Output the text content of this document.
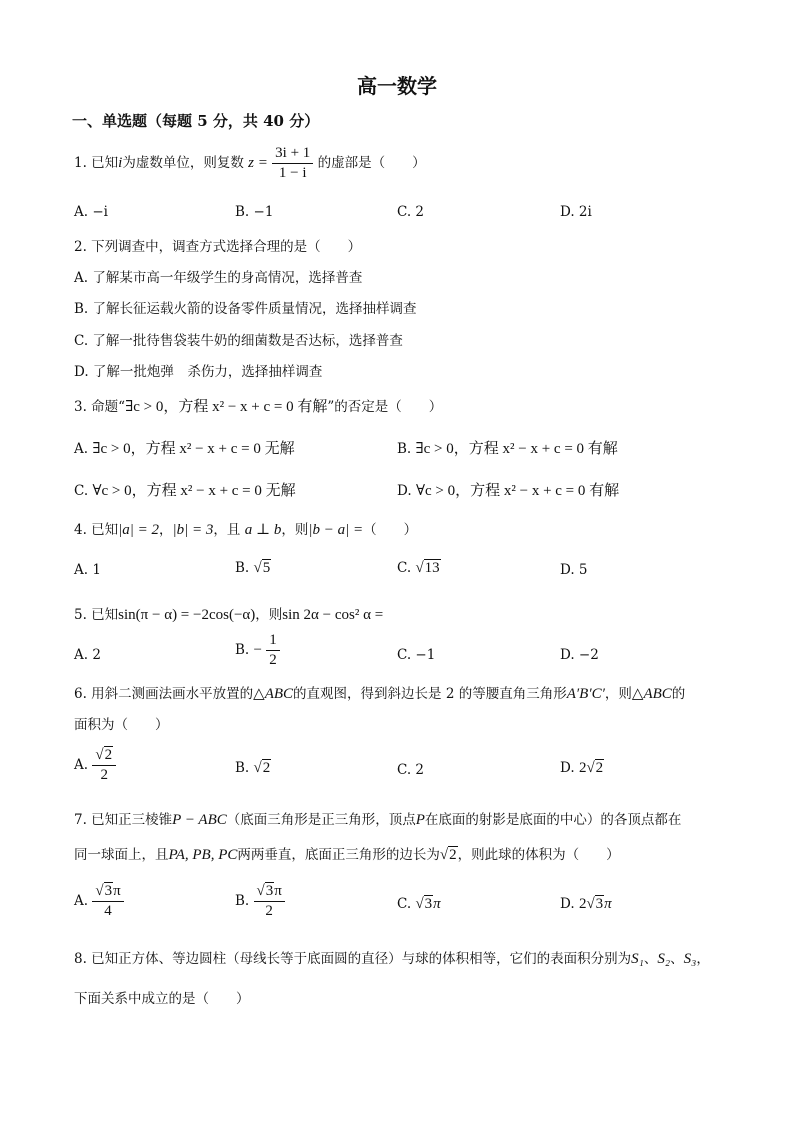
高一数学
一、单选题（每题 5 分，共 40 分）
1. 已知i为虚数单位，则复数 $z = \frac{3i + 1}{1 - i}$ 的虚部是（　　）
A. −i	B. −1	C. 2	D. 2i
2. 下列调查中，调查方式选择合理的是（　　）
A. 了解某市高一年级学生的身高情况，选择普查
B. 了解长征运载火箭的设备零件质量情况，选择抽样调查
C. 了解一批待售袋装牛奶的细菌数是否达标，选择普查
D. 了解一批炮弹　杀伤力，选择抽样调查
3. 命题“∃c > 0，方程 x² − x + c = 0 有解”的否定是（　　）
A. ∃c > 0，方程 x² − x + c = 0 无解	B. ∃c > 0，方程 x² − x + c = 0 有解
C. ∀c > 0，方程 x² − x + c = 0 无解	D. ∀c > 0，方程 x² − x + c = 0 有解
4. 已知|a| = 2，|b| = 3，且 a ⊥ b，则|b − a| =（　　）
A. 1	B. √5	C. √13	D. 5
5. 已知sin(π − α) = −2cos(−α)，则sin 2α − cos² α =
A. 2	B. − $\frac{1}{2}$	C. −1	D. −2
6. 用斜二测画法画水平放置的△ABC的直观图，得到斜边长是 2 的等腰直角三角形A′B′C′，则△ABC的
面积为（　　）
A. $\frac{√2}{2}$	B. √2	C. 2	D. 2√2
7. 已知正三棱锥P − ABC（底面三角形是正三角形，顶点P在底面的射影是底面的中心）的各顶点都在
同一球面上，且PA, PB, PC两两垂直，底面正三角形的边长为√2，则此球的体积为（　　）
A. $\frac{√3\pi}{4}$	B. $\frac{√3\pi}{2}$	C. √3π	D. 2√3π
8. 已知正方体、等边圆柱（母线长等于底面圆的直径）与球的体积相等，它们的表面积分别为S₁、S₂、S₃，
下面关系中成立的是（　　）
